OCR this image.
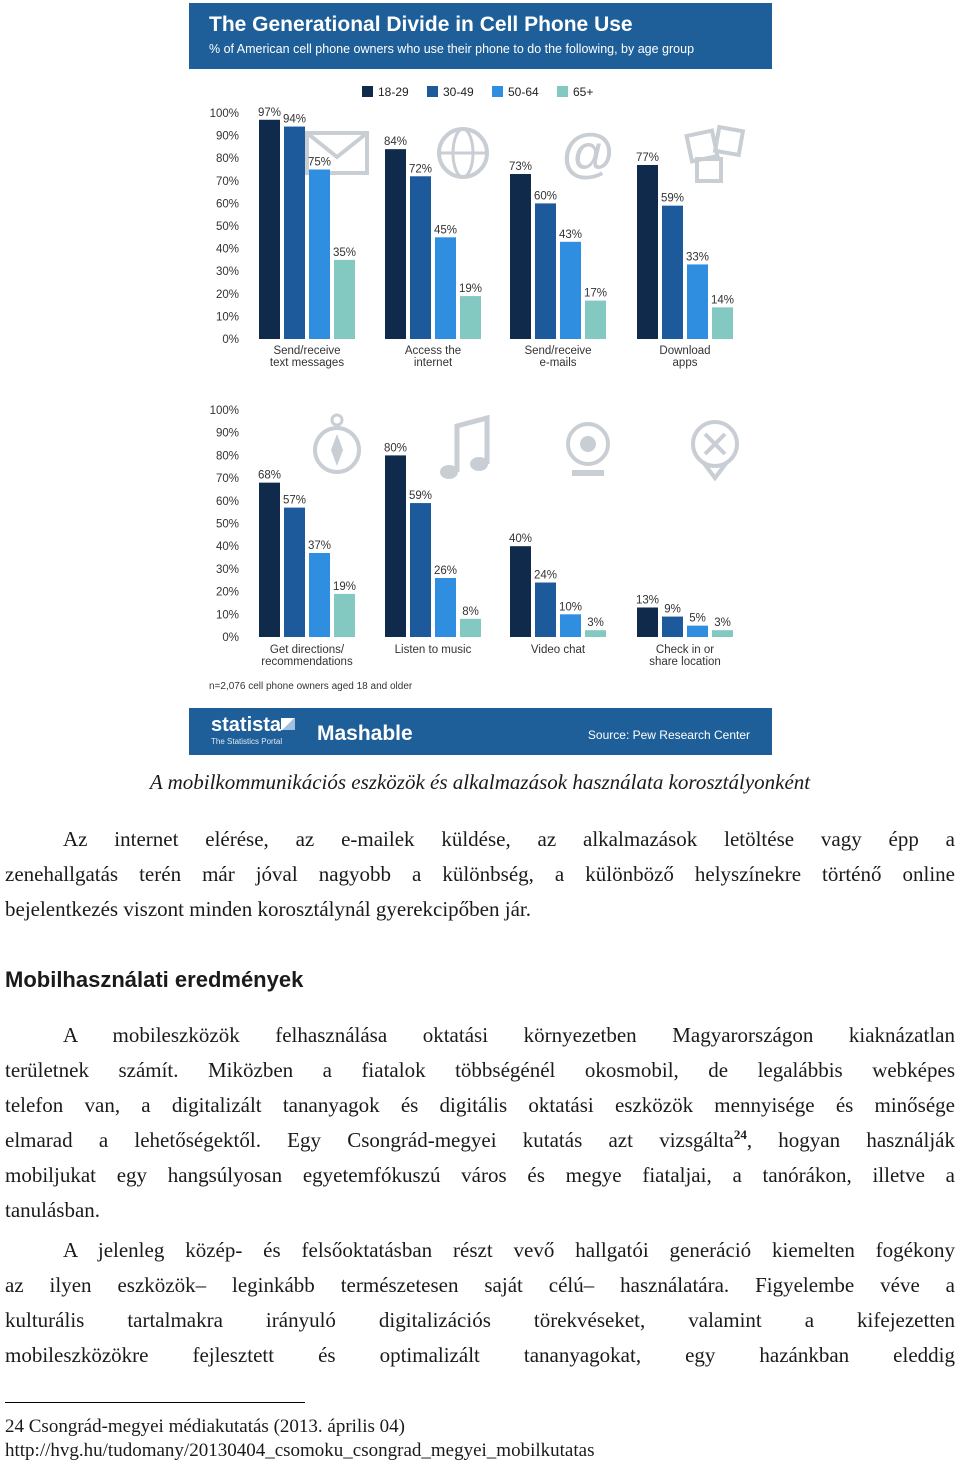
The Generational Divide in Cell Phone Use
% of American cell phone owners who use their phone to do the following, by age group
18-29	30-49	50-64	65+
0%
10%
20%
30%
40%
50%
60%
70%
80%
90%
100%
@
97%
94%
75%
35%
Send/receive
text messages
84%
72%
45%
19%
Access the
internet
73%
60%
43%
17%
Send/receive
e-mails
77%
59%
33%
14%
Download
apps
0%
10%
20%
30%
40%
50%
60%
70%
80%
90%
100%
68%
57%
37%
19%
Get directions/
recommendations
80%
59%
26%
8%
Listen to music
40%
24%
10%
3%
Video chat
13%
9%
5% 3%
Check in or
share location
n=2,076 cell phone owners aged 18 and older
statista
The Statistics Portal Mashable	Source: Pew Research Center
A mobilkommunikációs eszközök és alkalmazások használata korosztályonként
Az internet elérése, az e-mailek küldése, az alkalmazások letöltése vagy épp a
zenehallgatás terén már jóval nagyobb a különbség, a különböző helyszínekre történő online
bejelentkezés viszont minden korosztálynál gyerekcipőben jár.
Mobilhasználati eredmények
A mobileszközök felhasználása oktatási környezetben Magyarországon kiaknázatlan
területnek számít. Miközben a fiatalok többségénél okosmobil, de legalábbis webképes
telefon van, a digitalizált tananyagok és digitális oktatási eszközök mennyisége és minősége
elmarad a lehetőségektől. Egy Csongrád-megyei kutatás azt vizsgálta$^{24}$, hogyan használják
mobiljukat egy hangsúlyosan egyetemfókuszú város és megye fiataljai, a tanórákon, illetve a
tanulásban.
A jelenleg közép- és felsőoktatásban részt vevő hallgatói generáció kiemelten fogékony
az ilyen eszközök– leginkább természetesen saját célú– használatára. Figyelembe véve a
kulturális tartalmakra irányuló digitalizációs törekvéseket, valamint a kifejezetten
mobileszközökre fejlesztett és optimalizált tananyagokat, egy hazánkban eleddig
24 Csongrád-megyei médiakutatás (2013. április 04)
http://hvg.hu/tudomany/20130404_csomoku_csongrad_megyei_mobilkutatas
